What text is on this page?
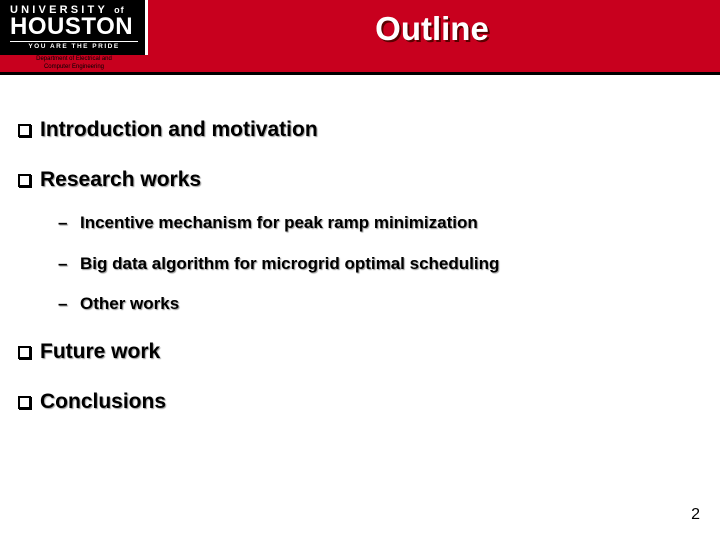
UNIVERSITY of
HOUSTON
YOU ARE THE PRIDE
Department of Electrical and
Computer Engineering
Outline
Introduction and motivation
Research works
– Incentive mechanism for peak ramp minimization
– Big data algorithm for microgrid optimal scheduling
– Other works
Future work
Conclusions
2
